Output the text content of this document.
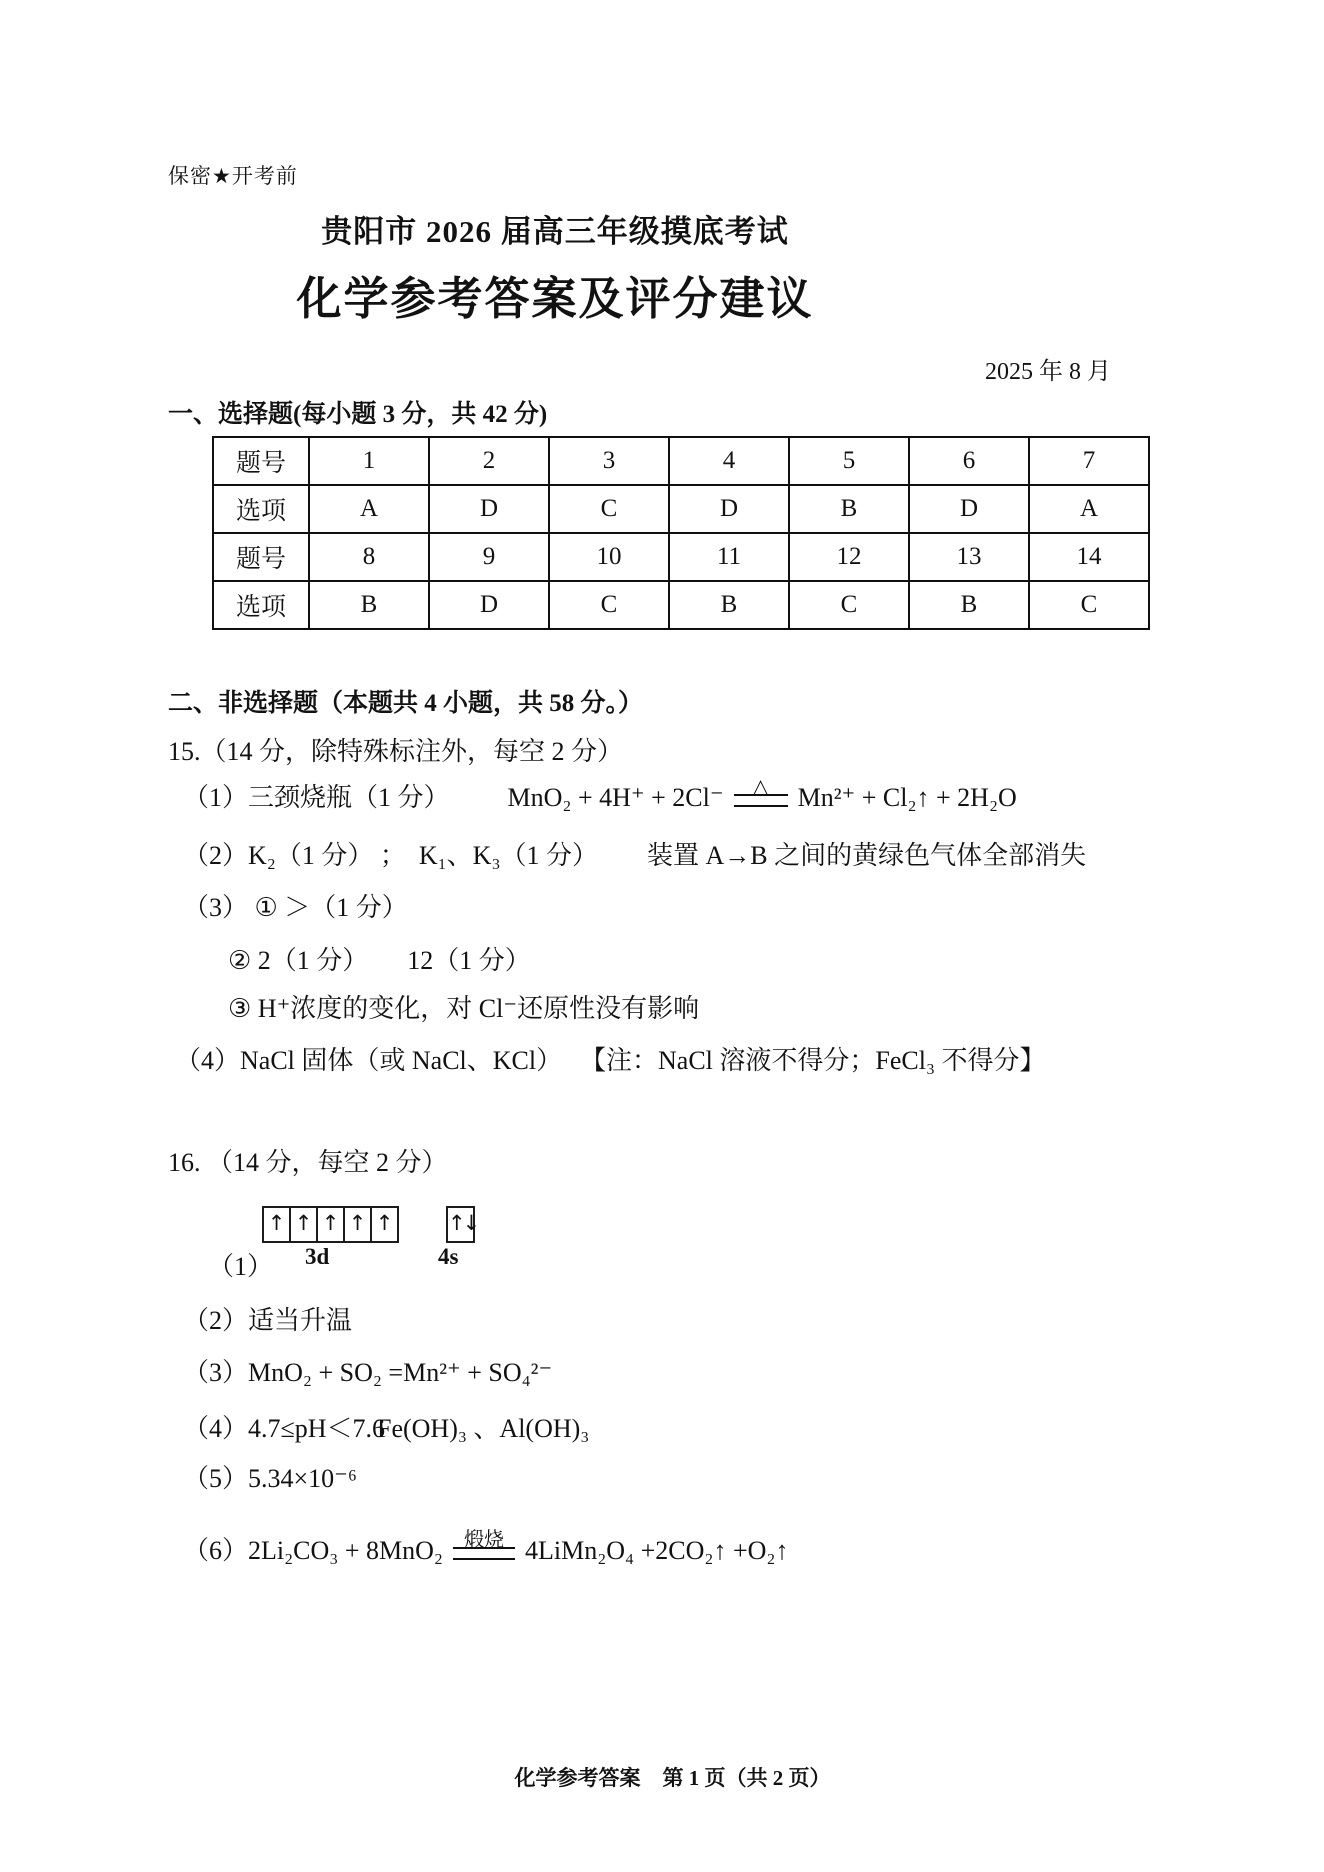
保密★开考前
贵阳市 2026 届高三年级摸底考试
化学参考答案及评分建议
2025 年 8 月
一、选择题(每小题 3 分，共 42 分)
题号	1	2	3	4	5	6	7
选项	A	D	C	D	B	D	A
题号	8	9	10	11	12	13	14
选项	B	D	C	B	C	B	C
二、非选择题（本题共 4 小题，共 58 分。）
15.（14 分，除特殊标注外，每空 2 分）
（1）三颈烧瓶（1 分） MnO₂ + 4H⁺ + 2Cl⁻ △ Mn²⁺ + Cl₂↑ + 2H₂O
（2）K₂（1 分） ；  K₁、K₃（1 分） 装置 A→B 之间的黄绿色气体全部消失
（3） ① ＞（1 分）
② 2（1 分）      12（1 分）
③ H⁺浓度的变化，对 Cl⁻还原性没有影响
（4）NaCl 固体（或 NaCl、KCl） 【注：NaCl 溶液不得分；FeCl₃ 不得分】
16. （14 分，每空 2 分）
↑ ↑ ↑ ↑ ↑	↑↓
3d	4s
（1）
（2）适当升温
（3）MnO₂ + SO₂ =Mn²⁺ + SO₄²⁻
（4）4.7≤pH＜7.6
Fe(OH)₃ 、Al(OH)₃
（5）5.34×10⁻⁶
（6）2Li₂CO₃ + 8MnO₂ 煅烧 4LiMn₂O₄ +2CO₂↑ +O₂↑

化学参考答案 第 1 页（共 2 页）
